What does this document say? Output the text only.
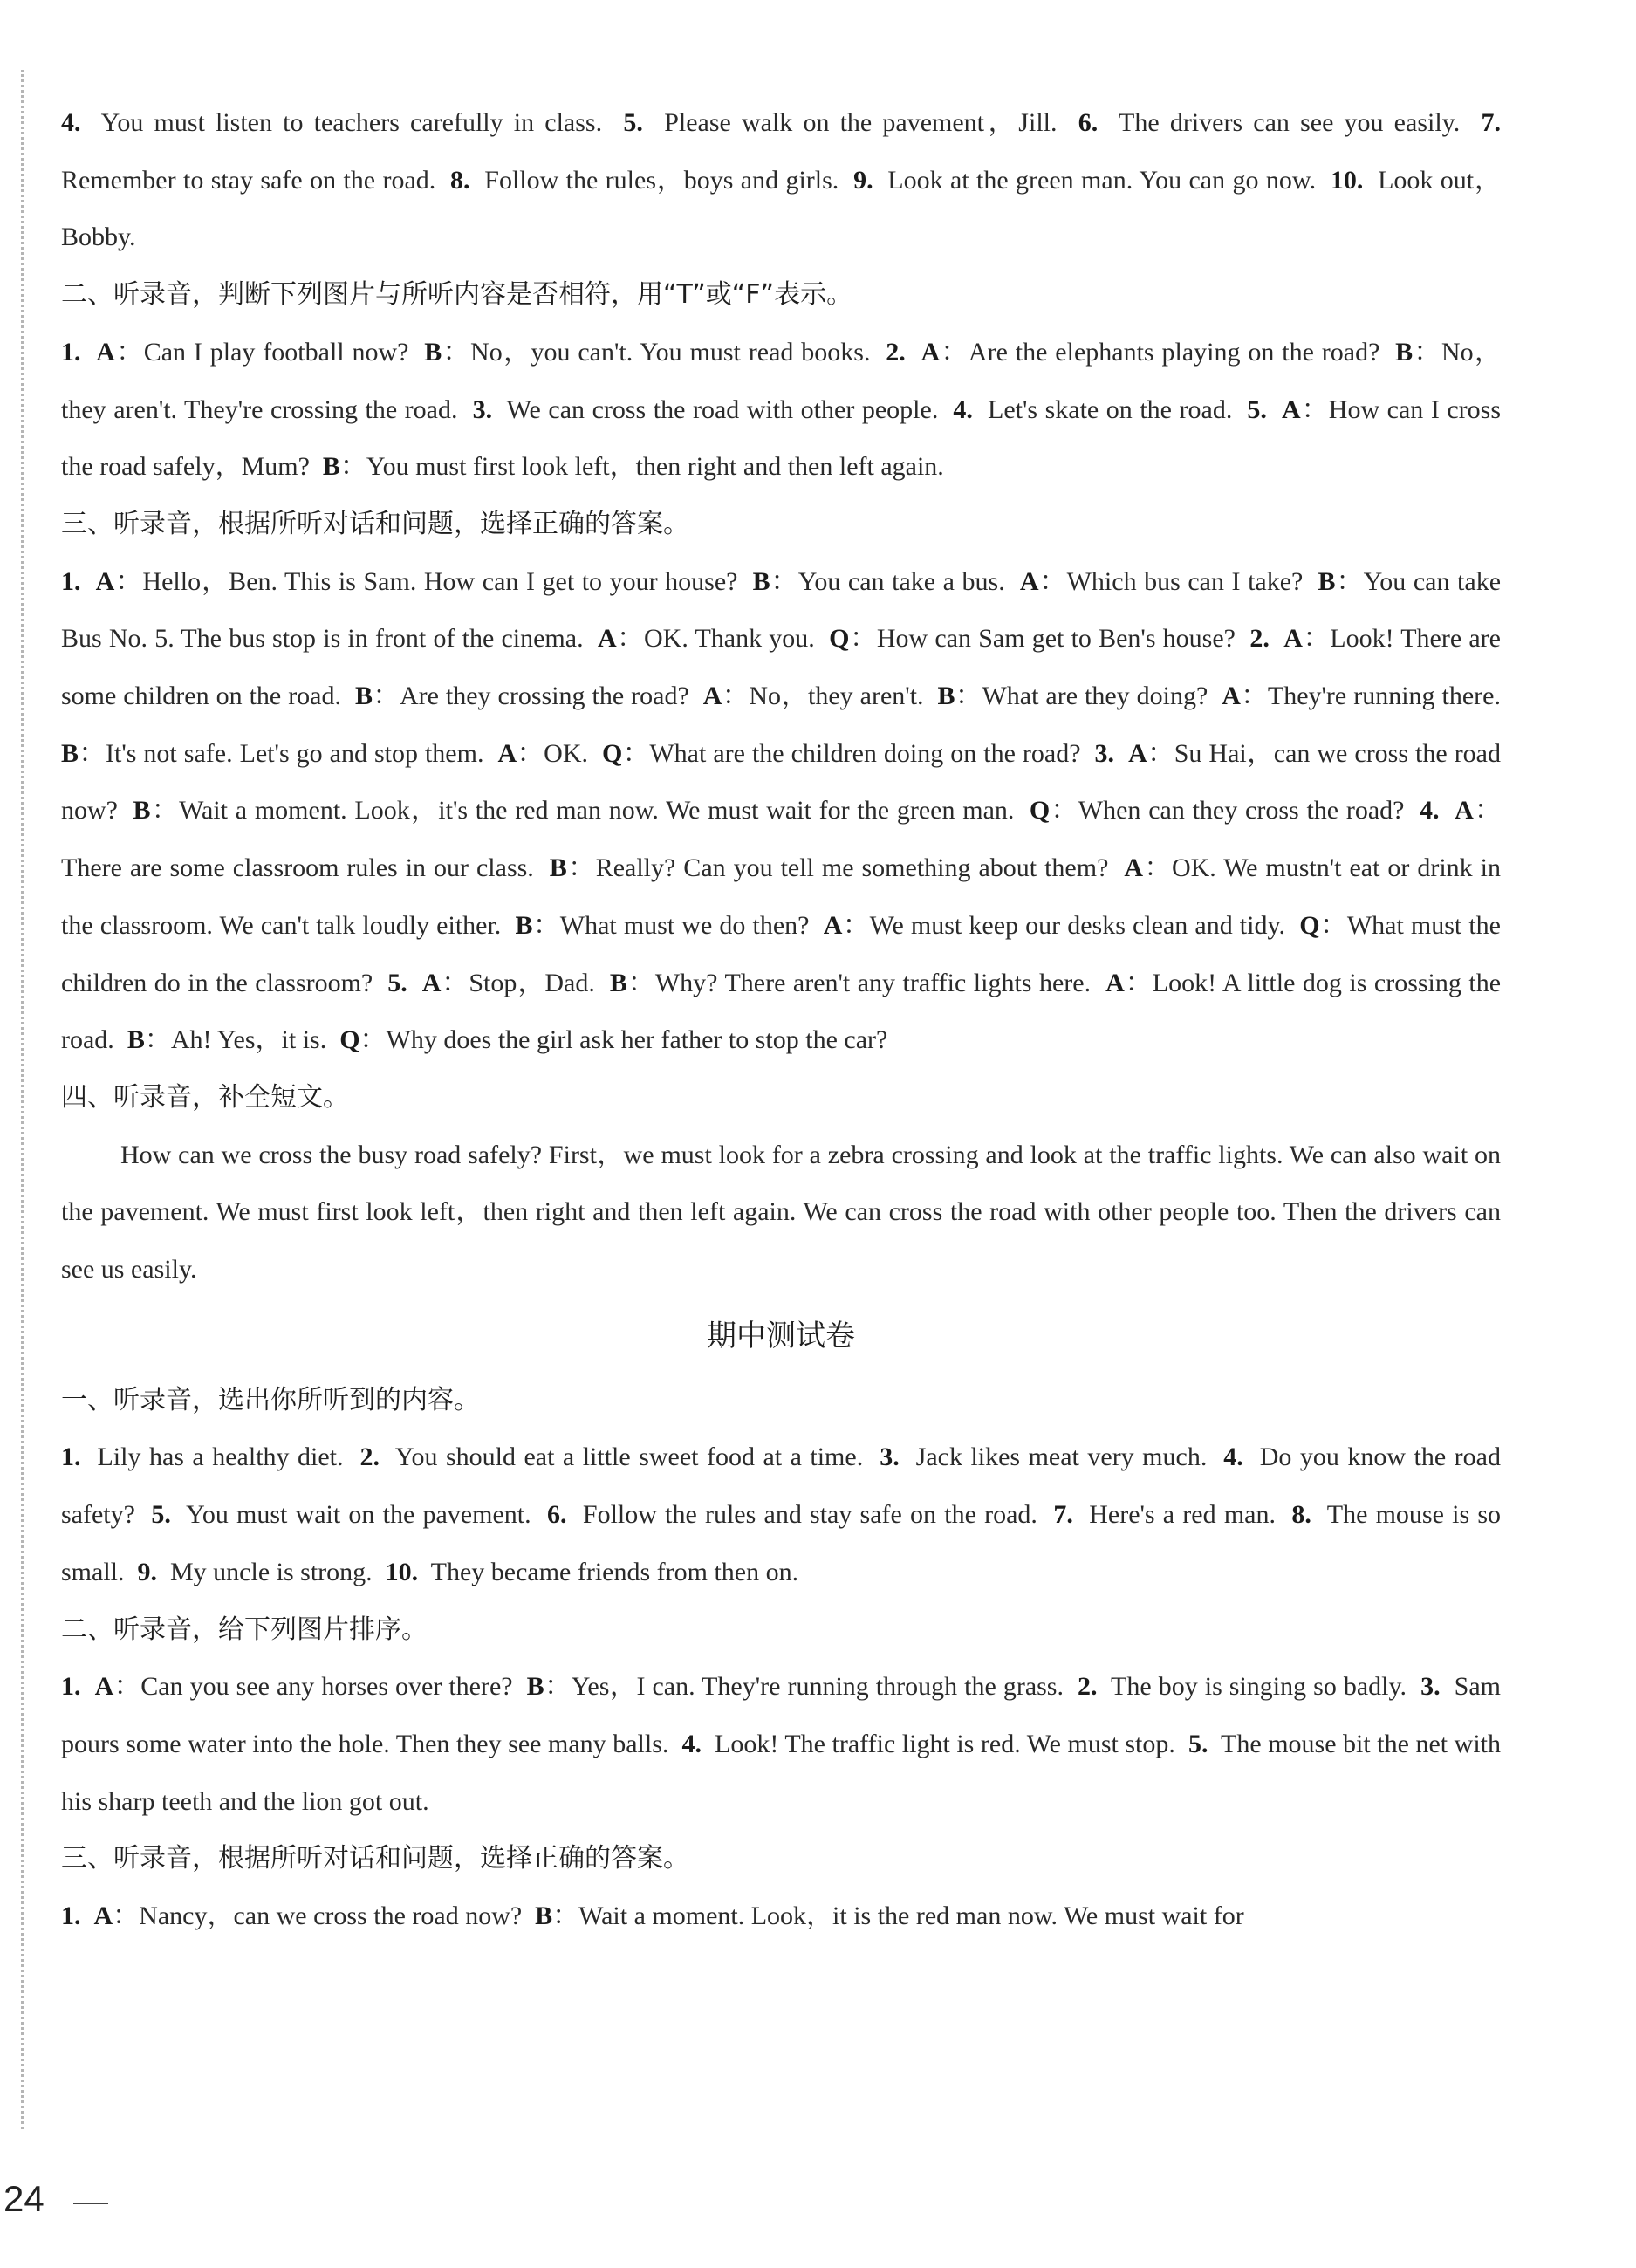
4.  You must listen to teachers carefully in class.  5.  Please walk on the pavement，Jill.  6.  The drivers can see you easily.  7.  Remember to stay safe on the road.  8.  Follow the rules，boys and girls.  9.  Look at the green man. You can go now.  10.  Look out，Bobby.

二、听录音，判断下列图片与所听内容是否相符，用“T”或“F”表示。

1. A：Can I play football now?  B：No，you can't. You must read books.  2. A：Are the elephants playing on the road?  B：No，they aren't. They're crossing the road.  3.  We can cross the road with other people.  4.  Let's skate on the road.  5. A：How can I cross the road safely，Mum?  B：You must first look left，then right and then left again.

三、听录音，根据所听对话和问题，选择正确的答案。

1. A：Hello，Ben. This is Sam. How can I get to your house?  B：You can take a bus.  A：Which bus can I take?  B：You can take Bus No. 5. The bus stop is in front of the cinema.  A：OK. Thank you.  Q：How can Sam get to Ben's house?  2. A：Look! There are some children on the road.  B：Are they crossing the road?  A：No，they aren't.  B：What are they doing?  A：They're running there.  B：It's not safe. Let's go and stop them.  A：OK.  Q：What are the children doing on the road?  3. A：Su Hai，can we cross the road now?  B：Wait a moment. Look，it's the red man now. We must wait for the green man.  Q：When can they cross the road?  4. A：There are some classroom rules in our class.  B：Really? Can you tell me something about them?  A：OK. We mustn't eat or drink in the classroom. We can't talk loudly either.  B：What must we do then?  A：We must keep our desks clean and tidy.  Q：What must the children do in the classroom?  5. A：Stop，Dad.  B：Why? There aren't any traffic lights here.  A：Look! A little dog is crossing the road.  B：Ah! Yes，it is.  Q：Why does the girl ask her father to stop the car?

四、听录音，补全短文。

How can we cross the busy road safely? First，we must look for a zebra crossing and look at the traffic lights. We can also wait on the pavement. We must first look left，then right and then left again. We can cross the road with other people too. Then the drivers can see us easily.

期中测试卷

一、听录音，选出你所听到的内容。

1.  Lily has a healthy diet.  2.  You should eat a little sweet food at a time.  3.  Jack likes meat very much.  4.  Do you know the road safety?  5.  You must wait on the pavement.  6.  Follow the rules and stay safe on the road.  7.  Here's a red man.  8.  The mouse is so small.  9.  My uncle is strong.  10.  They became friends from then on.

二、听录音，给下列图片排序。

1. A：Can you see any horses over there?  B：Yes，I can. They're running through the grass.  2.  The boy is singing so badly.  3.  Sam pours some water into the hole. Then they see many balls.  4.  Look! The traffic light is red. We must stop.  5.  The mouse bit the net with his sharp teeth and the lion got out.

三、听录音，根据所听对话和问题，选择正确的答案。

1. A：Nancy，can we cross the road now?  B：Wait a moment. Look，it is the red man now. We must wait for

24
